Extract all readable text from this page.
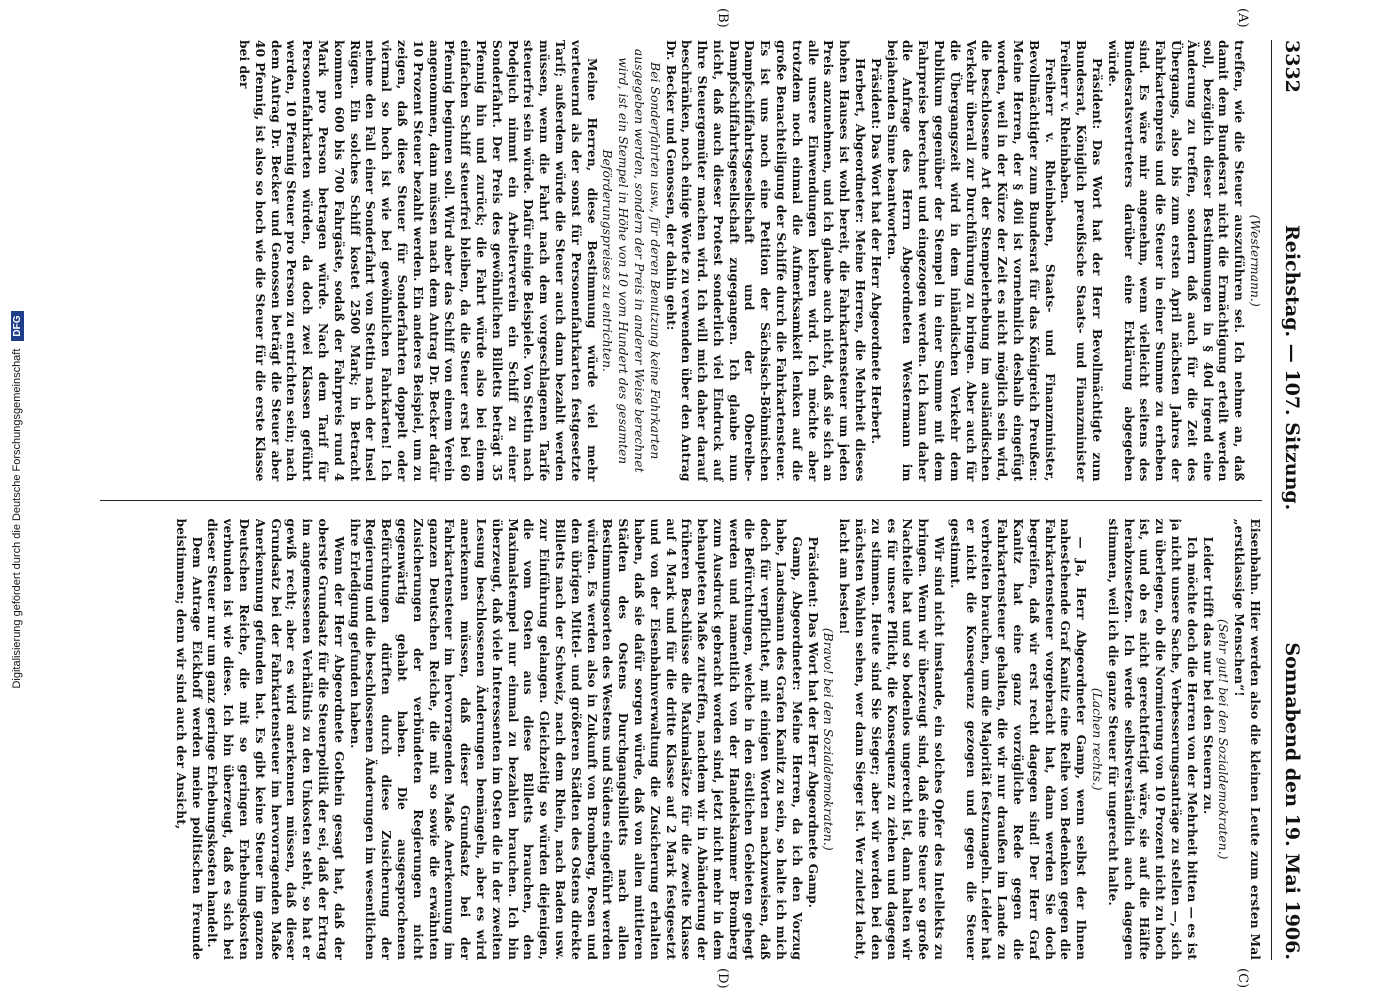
3332
Reichstag. — 107. Sitzung.
Sonnabend den 19. Mai 1906.

(Westermann.)

treffen, wie die Steuer auszuführen sei. Ich nehme an, daß damit dem Bundesrat nicht die Ermächtigung erteilt werden soll, bezüglich dieser Bestimmungen in § 40d irgend eine Änderung zu treffen, sondern daß auch für die Zeit des Übergangs, also bis zum ersten April nächsten Jahres der Fahrkartenpreis und die Steuer in einer Summe zu erheben sind. Es wäre mir angenehm, wenn vielleicht seitens des Bundesratsvertreters darüber eine Erklärung abgegeben würde.

Präsident: Das Wort hat der Herr Bevollmächtigte zum Bundesrat, Königlich preußische Staats- und Finanzminister Freiherr v. Rheinbaben.

Freiherr v. Rheinbaben, Staats- und Finanzminister, Bevollmächtigter zum Bundesrat für das Königreich Preußen: Meine Herren, der § 40ii ist vornehmlich deshalb eingefügt worden, weil in der Kürze der Zeit es nicht möglich sein wird, die beschlossene Art der Stempelerhebung im ausländischen Verkehr überall zur Durchführung zu bringen. Aber auch für die Übergangszeit wird in dem inländischen Verkehr dem Publikum gegenüber der Stempel in einer Summe mit dem Fahrpreise berechnet und eingezogen werden. Ich kann daher die Anfrage des Herrn Abgeordneten Westermann im bejahenden Sinne beantworten.

Präsident: Das Wort hat der Herr Abgeordnete Herbert.

Herbert, Abgeordneter: Meine Herren, die Mehrheit dieses hohen Hauses ist wohl bereit, die Fahrkartensteuer um jeden Preis anzunehmen, und ich glaube auch nicht, daß sie sich an alle unsere Einwendungen kehren wird. Ich möchte aber trotzdem noch einmal die Aufmerksamkeit lenken auf die große Benachteiligung der Schiffe durch die Fahrkartensteuer. Es ist uns noch eine Petition der Sächsisch-Böhmischen Dampfschiffahrtsgesellschaft und der Oberelbe-Dampfschiffahrtsgesellschaft zugegangen. Ich glaube nun nicht, daß auch dieser Protest sonderlich viel Eindruck auf Ihre Steuergemüter machen wird. Ich will mich daher darauf beschränken, noch einige Worte zu verwenden über den Antrag Dr. Becker und Genossen, der dahin geht:

Bei Sonderfahrten usw., für deren Benutzung keine Fahrkarten ausgegeben werden, sondern der Preis in anderer Weise berechnet wird, ist ein Stempel in Höhe von 10 vom Hundert des gesamten Beförderungspreises zu entrichten.

Meine Herren, diese Bestimmung würde viel mehr verteuernd als der sonst für Personenfahrkarten festgesetzte Tarif; außerdem würde die Steuer auch dann bezahlt werden müssen, wenn die Fahrt nach dem vorgeschlagenen Tarife steuerfrei sein würde. Dafür einige Beispiele. Von Stettin nach Podejuch nimmt ein Arbeiterverein ein Schiff zu einer Sonderfahrt. Der Preis des gewöhnlichen Billetts beträgt 35 Pfennig hin und zurück; die Fahrt würde also bei einem einfachen Schiff steuerfrei bleiben, da die Steuer erst bei 60 Pfennig beginnen soll. Wird aber das Schiff von einem Verein angenommen, dann müssen nach dem Antrag Dr. Becker dafür 10 Prozent Steuer bezahlt werden. Ein anderes Beispiel, um zu zeigen, daß diese Steuer für Sonderfahrten doppelt oder viermal so hoch ist wie bei gewöhnlichen Fahrkarten! Ich nehme den Fall einer Sonderfahrt von Stettin nach der Insel Rügen. Ein solches Schiff kostet 2500 Mark; in Betracht kommen 600 bis 700 Fahrgäste, sodaß der Fahrpreis rund 4 Mark pro Person betragen würde. Nach dem Tarif für Personenfahrkarten würden, da doch zwei Klassen geführt werden, 10 Pfennig Steuer pro Person zu entrichten sein; nach dem Antrag Dr. Becker und Genossen beträgt die Steuer aber 40 Pfennig, ist also so hoch wie die Steuer für die erste Klasse bei der

Eisenbahn. Hier werden also die kleinen Leute zum ersten Mal „erstklassige Menschen“!

(Sehr gut! bei den Sozialdemokraten.)

Leider trifft das nur bei den Steuern zu.

Ich möchte doch die Herren von der Mehrheit bitten — es ist ja nicht unsere Sache, Verbesserungsanträge zu stellen —, sich zu überlegen, ob die Normierung von 10 Prozent nicht zu hoch ist, und ob es nicht gerechtfertigt wäre, sie auf die Hälfte herabzusetzen. Ich werde selbstverständlich auch dagegen stimmen, weil ich die ganze Steuer für ungerecht halte.

(Lachen rechts.)

— Ja, Herr Abgeordneter Gamp, wenn selbst der Ihnen nahestehende Graf Kanitz eine Reihe von Bedenken gegen die Fahrkartensteuer vorgebracht hat, dann werden Sie doch begreifen, daß wir erst recht dagegen sind! Der Herr Graf Kanitz hat eine ganz vorzügliche Rede gegen die Fahrkartensteuer gehalten, die wir nur draußen im Lande zu verbreiten brauchen, um die Majorität festzunageln. Leider hat er nicht die Konsequenz gezogen und gegen die Steuer gestimmt.

Wir sind nicht imstande, ein solches Opfer des Intellekts zu bringen. Wenn wir überzeugt sind, daß eine Steuer so große Nachteile hat und so bodenlos ungerecht ist, dann halten wir es für unsere Pflicht, die Konsequenz zu ziehen und dagegen zu stimmen. Heute sind Sie Sieger; aber wir werden bei den nächsten Wahlen sehen, wer dann Sieger ist. Wer zuletzt lacht, lacht am besten!

(Bravo! bei den Sozialdemokraten.)

Präsident: Das Wort hat der Herr Abgeordnete Gamp.

Gamp, Abgeordneter: Meine Herren, da ich den Vorzug habe, Landsmann des Grafen Kanitz zu sein, so halte ich mich doch für verpflichtet, mit einigen Worten nachzuweisen, daß die Befürchtungen, welche in den östlichen Gebieten gehegt werden und namentlich von der Handelskammer Bromberg zum Ausdruck gebracht worden sind, jetzt nicht mehr in dem behaupteten Maße zutreffen, nachdem wir in Abänderung der früheren Beschlüsse die Maximalsätze für die zweite Klasse auf 4 Mark und für die dritte Klasse auf 2 Mark festgesetzt und von der Eisenbahnverwaltung die Zusicherung erhalten haben, daß sie dafür sorgen würde, daß von allen mittleren Städten des Ostens Durchgangsbilletts nach allen Bestimmungsorten des Westens und Südens eingeführt werden würden. Es werden also in Zukunft von Bromberg, Posen und den übrigen Mittel- und größeren Städten des Ostens direkte Billetts nach der Schweiz, nach dem Rhein, nach Baden usw. zur Einführung gelangen. Gleichzeitig so würden diejenigen, die vom Osten aus diese Billetts brauchen, den Maximalstempel nur einmal zu bezahlen brauchen. Ich bin überzeugt, daß viele Interessenten im Osten die in der zweiten Lesung beschlossenen Änderungen bemängeln, aber es wird anerkennen müssen, daß dieser Grundsatz bei der Fahrkartensteuer im hervorragenden Maße Anerkennung im ganzen Deutschen Reiche, die mit so sowie die erwähnten Zusicherungen der verbündeten Regierungen nicht gegenwärtig gehabt haben. Die ausgesprochenen Befürchtungen dürften durch diese Zusicherung der Regierung und die beschlossenen Änderungen im wesentlichen ihre Erledigung gefunden haben.

Wenn der Herr Abgeordnete Gothein gesagt hat, daß der oberste Grundsatz für die Steuerpolitik der sei, daß der Ertrag im angemessenen Verhältnis zu den Unkosten steht, so hat er gewiß recht; aber es wird anerkennen müssen, daß dieser Grundsatz bei der Fahrkartensteuer im hervorragenden Maße Anerkennung gefunden hat. Es gibt keine Steuer im ganzen Deutschen Reiche, die mit so geringen Erhebungskosten verbunden ist wie diese. Ich bin überzeugt, daß es sich bei dieser Steuer nur um ganz geringe Erhebungskosten handelt.

Dem Antrage Eickhoff werden meine politischen Freunde beistimmen; denn wir sind auch der Ansicht,

(A)
(B)
(C)
(D)
Digitalisierung gefördert durch die Deutsche Forschungsgemeinschaft
DFG
